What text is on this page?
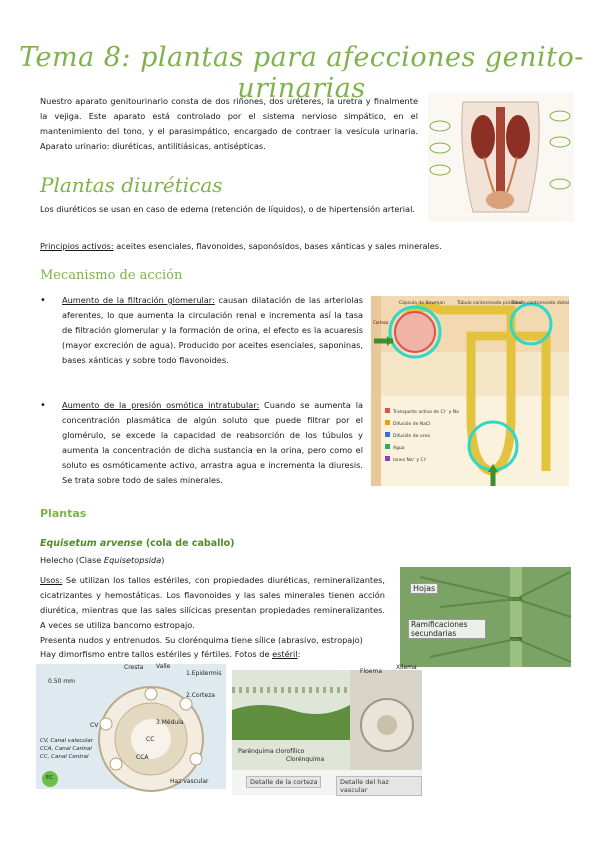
Tema 8: plantas para afecciones genito-urinarias
Nuestro aparato genitourinario consta de dos riñones, dos uréteres, la uretra y finalmente la vejiga. Este aparato está controlado por el sistema nervioso simpático, en el mantenimiento del tono, y el parasimpático, encargado de contraer la vesícula urinaria. Aparato urinario: diuréticas, antilitiásicas, antisépticas.
Plantas diuréticas
Los diuréticos se usan en caso de edema (retención de líquidos), o de hipertensión arterial.
Principios activos: aceites esenciales, flavonoides, saponósidos, bases xánticas y sales minerales.
Mecanismo de acción
• Aumento de la filtración glomerular: causan dilatación de las arteriolas aferentes, lo que aumenta la circulación renal e incrementa así la tasa de filtración glomerular y la formación de orina, el efecto es la acuaresis (mayor excreción de agua). Producido por aceites esenciales, saponinas, bases xánticas y sobre todo flavonoides.
• Aumento de la presión osmótica intratubular: Cuando se aumenta la concentración plasmática de algún soluto que puede filtrar por el glomérulo, se excede la capacidad de reabsorción de los túbulos y aumenta la concentración de dicha sustancia en la orina, pero como el soluto es osmóticamente activo, arrastra agua e incrementa la diuresis. Se trata sobre todo de sales minerales.
Corteza
Cápsula de Bowman	Túbulo contorneado proximal
Túbulo contorneado distal
Transporte activo de Cl⁻ y Na
Difusión de NaCl
Difusión de urea
Agua
Iones Na⁺ y Cl⁻
Plantas
Equisetum arvense (cola de caballo)
Helecho (Clase Equisetopsida)
Usos: Se utilizan los tallos estériles, con propiedades diuréticas, remineralizantes, cicatrizantes y hemostáticas. Los flavonoides y las sales minerales tienen acción diurética, mientras que las sales silícicas presentan propiedades remineralizantes. A veces se utiliza bancomo estropajo.
Presenta nudos y entrenudos. Su clorénquima tiene sílice (abrasivo, estropajo)
Hay dimorfismo entre tallos estériles y fértiles. Fotos de estéril:
Hojas
Ramificaciones secundarias
0.50 mm
Cresta	Valle
1.Epidermis
2.Corteza
CV
CCA
3.Médula
CC
Haz vascular
CV, Canal valecular
CCA, Canal Carinal
CC, Canal Central
EC
Parénquima clorofílico
Clorénquima
Floema
Xilema
Detalle de la corteza	Detalle del haz vascular
